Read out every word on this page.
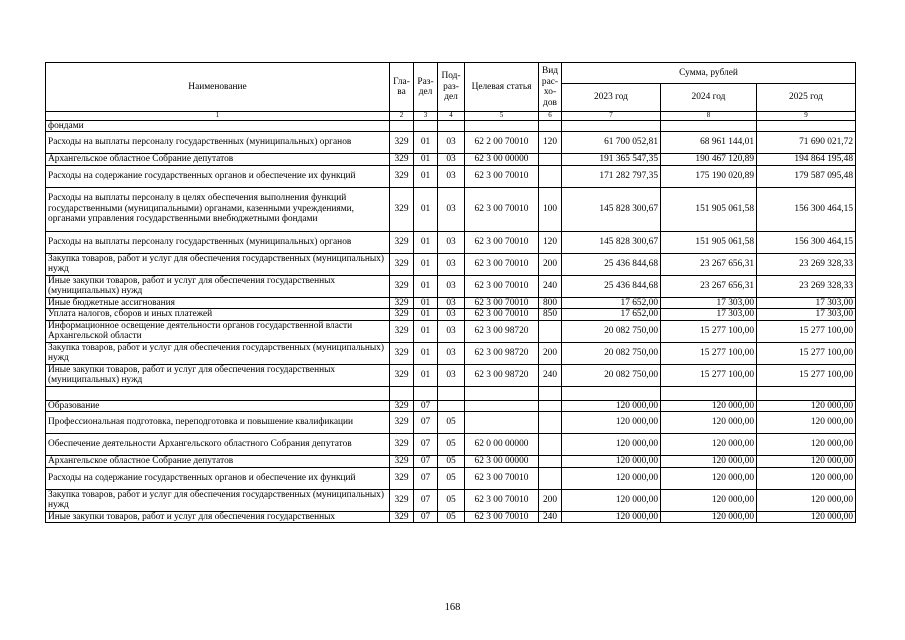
Наименование	Гла-ва	Раз-дел	Под-раз-дел	Целевая статья	Вид рас-хо-дов	Сумма, рублей		
						2023 год	2024 год	2025 год
1	2	3	4	5	6	7	8	9
фондами								
Расходы на выплаты персоналу государственных (муниципальных) органов	329	01	03	62 2 00 70010	120	61 700 052,81	68 961 144,01	71 690 021,72
Архангельское областное Собрание депутатов	329	01	03	62 3 00 00000		191 365 547,35	190 467 120,89	194 864 195,48
Расходы на содержание государственных органов и обеспечение их функций	329	01	03	62 3 00 70010		171 282 797,35	175 190 020,89	179 587 095,48
Расходы на выплаты персоналу в целях обеспечения выполнения функций государственными (муниципальными) органами, казенными учреждениями, органами управления государственными внебюджетными фондами	329	01	03	62 3 00 70010	100	145 828 300,67	151 905 061,58	156 300 464,15
Расходы на выплаты персоналу государственных (муниципальных) органов	329	01	03	62 3 00 70010	120	145 828 300,67	151 905 061,58	156 300 464,15
Закупка товаров, работ и услуг для обеспечения государственных (муниципальных) нужд	329	01	03	62 3 00 70010	200	25 436 844,68	23 267 656,31	23 269 328,33
Иные закупки товаров, работ и услуг для обеспечения государственных (муниципальных) нужд	329	01	03	62 3 00 70010	240	25 436 844,68	23 267 656,31	23 269 328,33
Иные бюджетные ассигнования	329	01	03	62 3 00 70010	800	17 652,00	17 303,00	17 303,00
Уплата налогов, сборов и иных платежей	329	01	03	62 3 00 70010	850	17 652,00	17 303,00	17 303,00
Информационное освещение деятельности органов государственной власти Архангельской области	329	01	03	62 3 00 98720		20 082 750,00	15 277 100,00	15 277 100,00
Закупка товаров, работ и услуг для обеспечения государственных (муниципальных) нужд	329	01	03	62 3 00 98720	200	20 082 750,00	15 277 100,00	15 277 100,00
Иные закупки товаров, работ и услуг для обеспечения государственных (муниципальных) нужд	329	01	03	62 3 00 98720	240	20 082 750,00	15 277 100,00	15 277 100,00

Образование	329	07				120 000,00	120 000,00	120 000,00
Профессиональная подготовка, переподготовка и повышение квалификации	329	07	05			120 000,00	120 000,00	120 000,00
Обеспечение деятельности Архангельского областного Собрания депутатов	329	07	05	62 0 00 00000		120 000,00	120 000,00	120 000,00
Архангельское областное Собрание депутатов	329	07	05	62 3 00 00000		120 000,00	120 000,00	120 000,00
Расходы на содержание государственных органов и обеспечение их функций	329	07	05	62 3 00 70010		120 000,00	120 000,00	120 000,00
Закупка товаров, работ и услуг для обеспечения государственных (муниципальных) нужд	329	07	05	62 3 00 70010	200	120 000,00	120 000,00	120 000,00
Иные закупки товаров, работ и услуг для обеспечения государственных	329	07	05	62 3 00 70010	240	120 000,00	120 000,00	120 000,00
168
